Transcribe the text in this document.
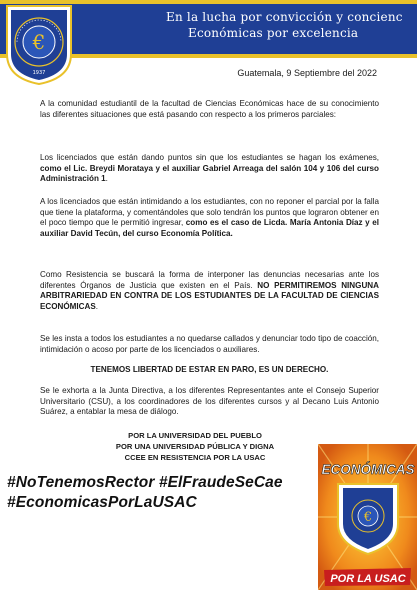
En la lucha por convicción y concienc
Económicas por excelencia
€
1937	Guatemala, 9 Septiembre del 2022

A la comunidad estudiantil de la facultad de Ciencias Económicas hace de su conocimiento las diferentes situaciones que está pasando con respecto a los primeros parciales:

Los licenciados que están dando puntos sin que los estudiantes se hagan los exámenes, como el Lic. Breydi Morataya y el auxiliar Gabriel Arreaga del salón 104 y 106 del curso Administración 1.

A los licenciados que están intimidando a los estudiantes, con no reponer el parcial por la falla que tiene la plataforma, y comentándoles que solo tendrán los puntos que lograron obtener en el poco tiempo que le permitió ingresar, como es el caso de Licda. María Antonia Díaz y el auxiliar David Tecún, del curso Economía Política.

Como Resistencia se buscará la forma de interponer las denuncias necesarias ante los diferentes Órganos de Justicia que existen en el País. NO PERMITIREMOS NINGUNA ARBITRARIEDAD EN CONTRA DE LOS ESTUDIANTES DE LA FACULTAD DE CIENCIAS ECONÓMICAS.

Se les insta a todos los estudiantes a no quedarse callados y denunciar todo tipo de coacción, intimidación o acoso por parte de los licenciados o auxiliares.

TENEMOS LIBERTAD DE ESTAR EN PARO, ES UN DERECHO.

Se le exhorta a la Junta Directiva, a los diferentes Representantes ante el Consejo Superior Universitario (CSU), a los coordinadores de los diferentes cursos y al Decano Luis Antonio Suárez, a entablar la mesa de diálogo.

POR LA UNIVERSIDAD DEL PUEBLO
POR UNA UNIVERSIDAD PÚBLICA Y DIGNA
CCEE EN RESISTENCIA POR LA USAC
#NoTenemosRector #ElFraudeSeCae
#EconomicasPorLaUSAC
ECONÓMICAS
€
POR LA USAC
